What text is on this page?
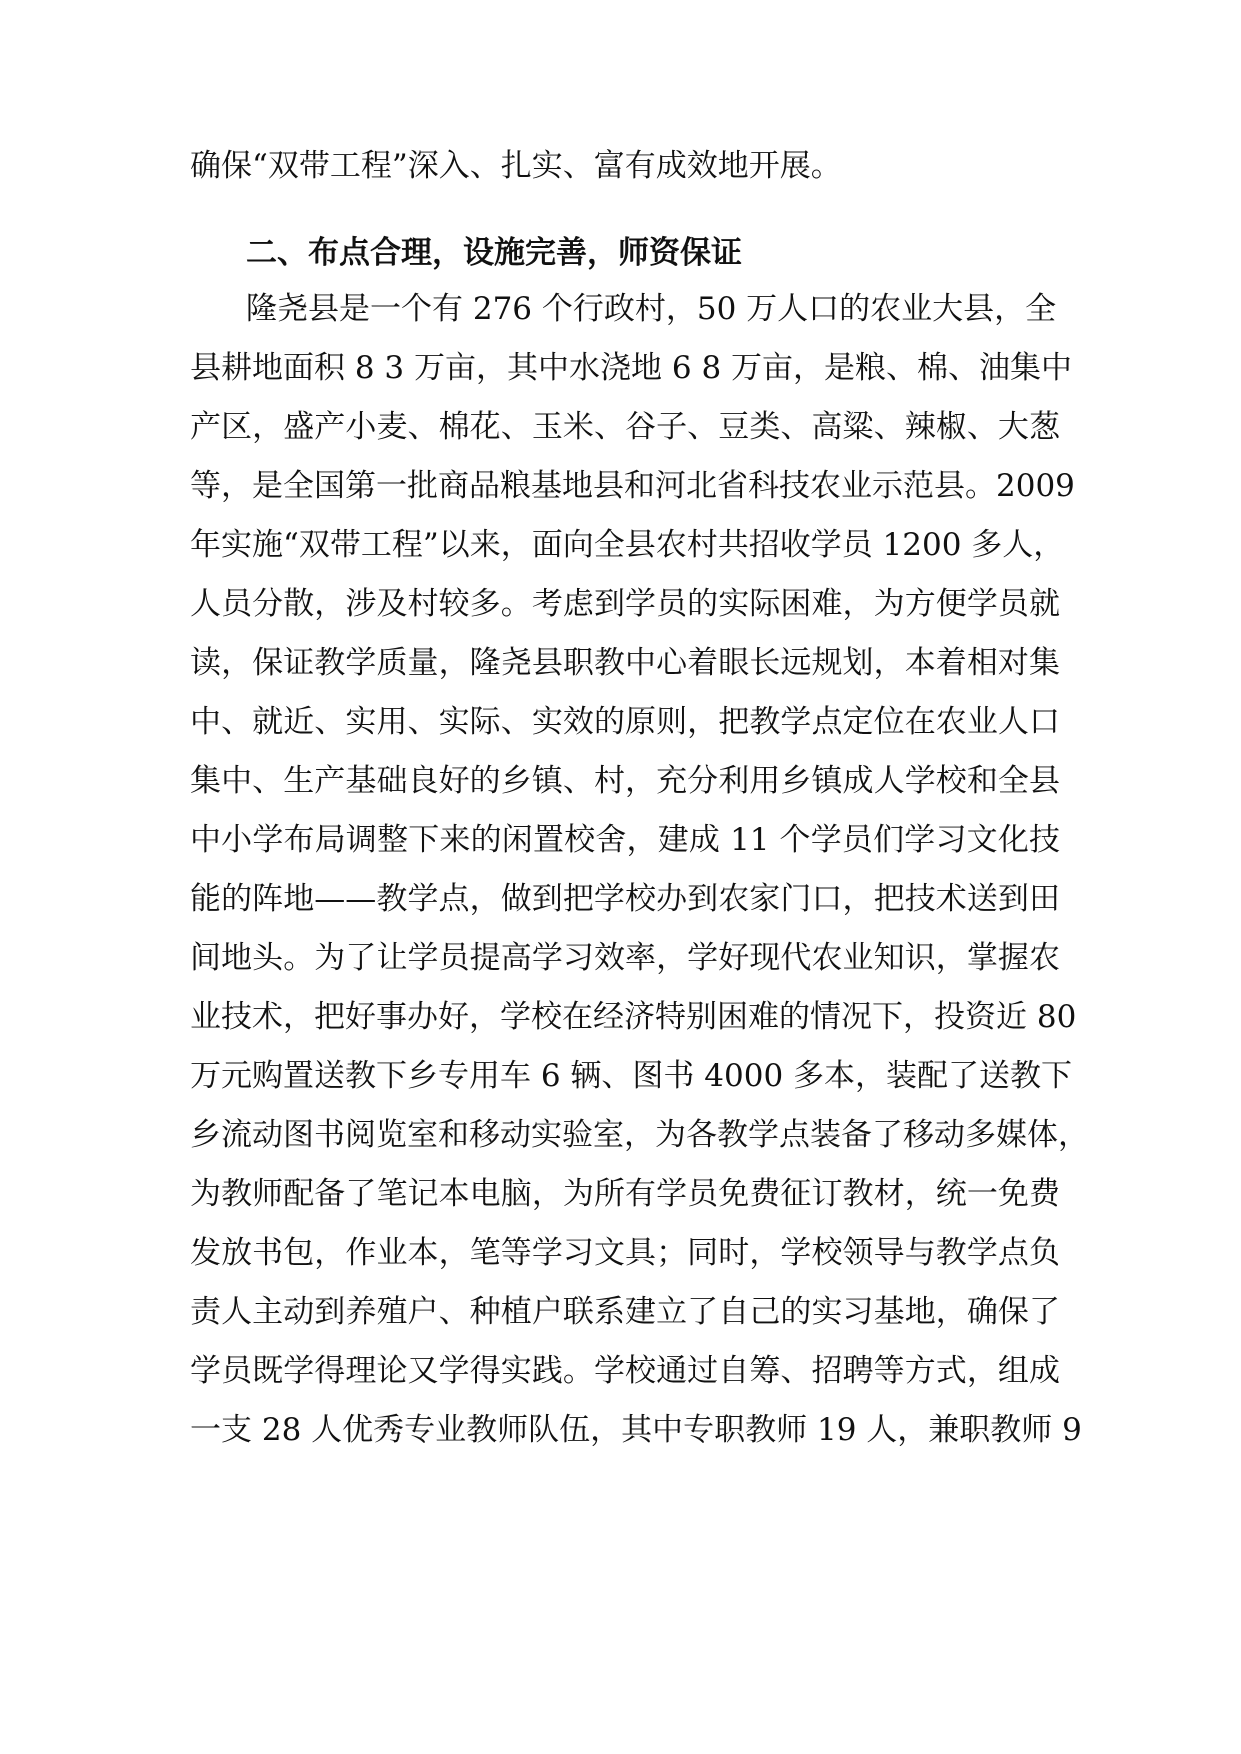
确保“双带工程”深入、扎实、富有成效地开展。
二、布点合理，设施完善，师资保证
隆尧县是一个有 276 个行政村，50 万人口的农业大县，全
县耕地面积 8 3 万亩，其中水浇地 6 8 万亩，是粮、棉、油集中
产区，盛产小麦、棉花、玉米、谷子、豆类、高粱、辣椒、大葱
等，是全国第一批商品粮基地县和河北省科技农业示范县。2009
年实施“双带工程”以来，面向全县农村共招收学员 1200 多人，
人员分散，涉及村较多。考虑到学员的实际困难，为方便学员就
读，保证教学质量，隆尧县职教中心着眼长远规划，本着相对集
中、就近、实用、实际、实效的原则，把教学点定位在农业人口
集中、生产基础良好的乡镇、村，充分利用乡镇成人学校和全县
中小学布局调整下来的闲置校舍，建成 11 个学员们学习文化技
能的阵地——教学点，做到把学校办到农家门口，把技术送到田
间地头。为了让学员提高学习效率，学好现代农业知识，掌握农
业技术，把好事办好，学校在经济特别困难的情况下，投资近 80
万元购置送教下乡专用车 6 辆、图书 4000 多本，装配了送教下
乡流动图书阅览室和移动实验室，为各教学点装备了移动多媒体，
为教师配备了笔记本电脑，为所有学员免费征订教材，统一免费
发放书包，作业本，笔等学习文具；同时，学校领导与教学点负
责人主动到养殖户、种植户联系建立了自己的实习基地，确保了
学员既学得理论又学得实践。学校通过自筹、招聘等方式，组成
一支 28 人优秀专业教师队伍，其中专职教师 19 人，兼职教师 9
